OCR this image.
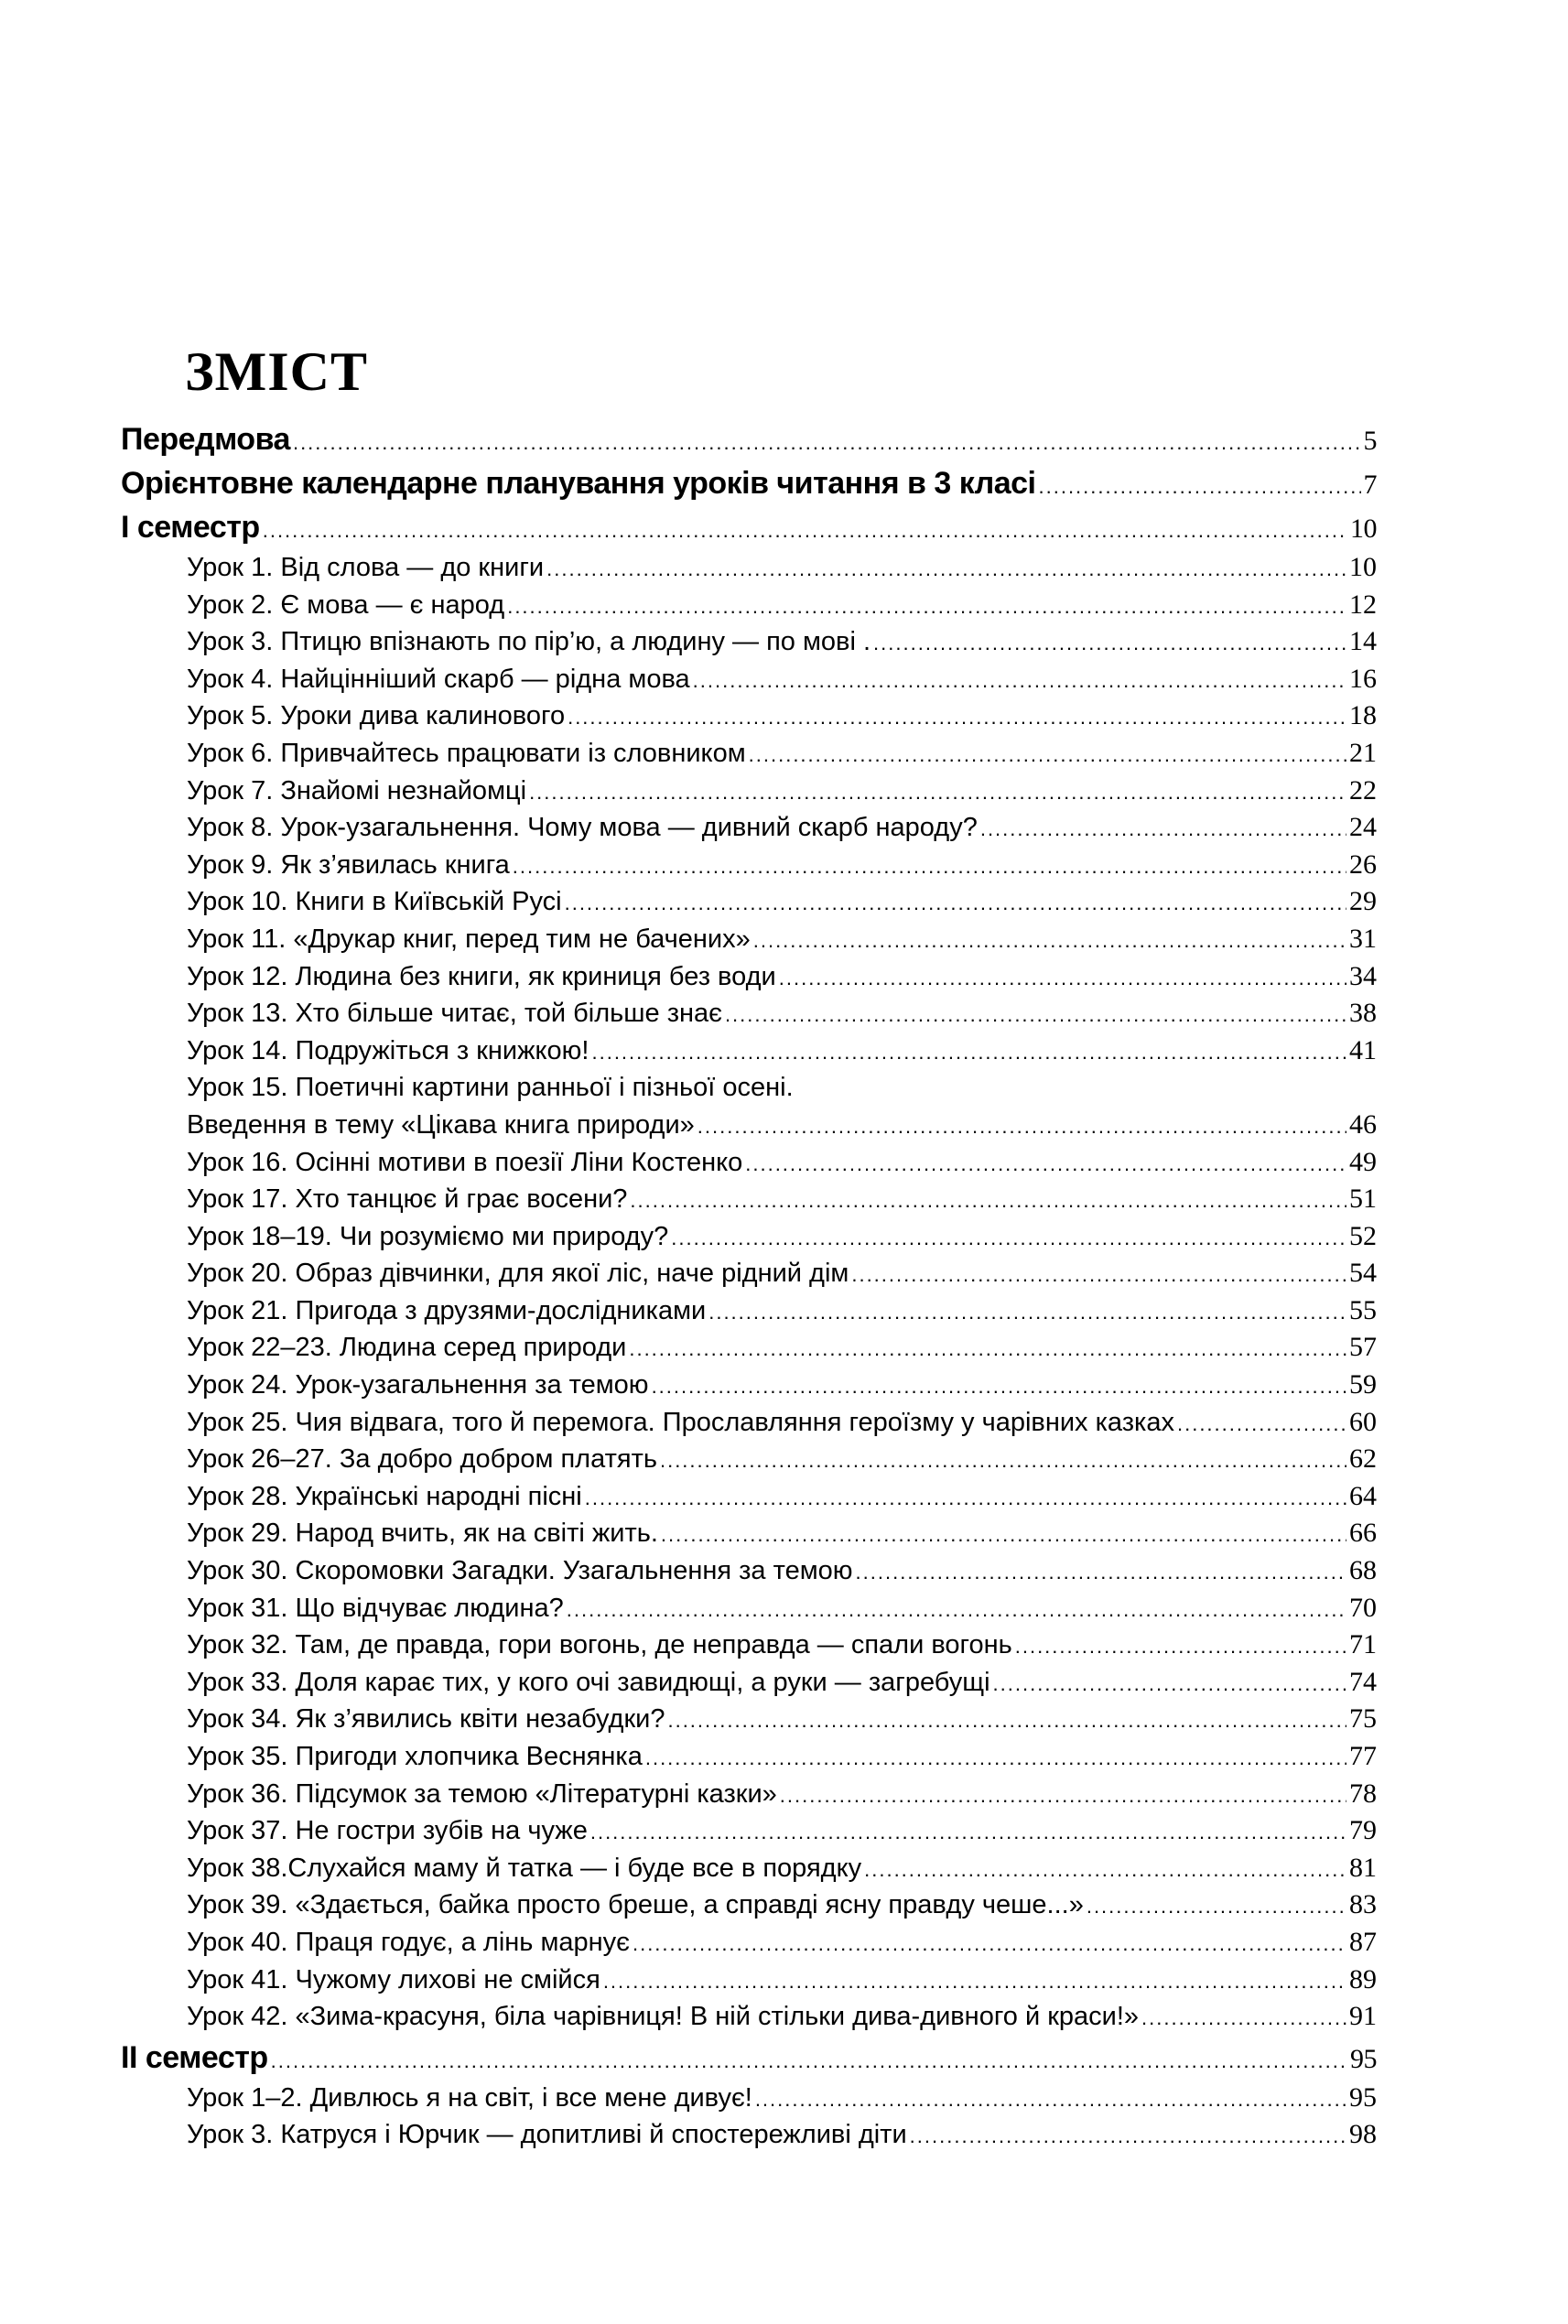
ЗМІСТ
Передмова .....	5
Орієнтовне календарне планування уроків читання в 3 класі .....	7
І семестр .....	10
Урок 1. Від слова — до книги .....	10
Урок 2. Є мова — є народ .....	12
Урок 3. Птицю впізнають по пір’ю, а людину — по мові . .....	14
Урок 4. Найцінніший скарб — рідна мова .....	16
Урок 5. Уроки дива калинового .....	18
Урок 6. Привчайтесь працювати із словником .....	21
Урок 7. Знайомі незнайомці .....	22
Урок 8. Урок-узагальнення. Чому мова — дивний скарб народу? .....	24
Урок 9. Як з’явилась книга .....	26
Урок 10. Книги в Київській Русі .....	29
Урок 11. «Друкар книг, перед тим не бачених» .....	31
Урок 12. Людина без книги, як криниця без води .....	34
Урок 13. Хто більше читає, той більше знає .....	38
Урок 14. Подружіться з книжкою! .....	41
Урок 15. Поетичні картини ранньої і пізньої осені.
Введення в тему «Цікава книга природи» .....	46
Урок 16. Осінні мотиви в поезії Ліни Костенко .....	49
Урок 17. Хто танцює й грає восени? .....	51
Урок 18–19. Чи розуміємо ми природу? .....	52
Урок 20. Образ дівчинки, для якої ліс, наче рідний дім .....	54
Урок 21. Пригода з друзями-дослідниками .....	55
Урок 22–23. Людина серед природи .....	57
Урок 24. Урок-узагальнення за темою .....	59
Урок 25. Чия відвага, того й перемога. Прославляння героїзму у чарівних казках .....	60
Урок 26–27. За добро добром платять .....	62
Урок 28. Українські народні пісні .....	64
Урок 29. Народ вчить, як на світі жить. .....	66
Урок 30. Скоромовки Загадки. Узагальнення за темою .....	68
Урок 31. Що відчуває людина? .....	70
Урок 32. Там, де правда, гори вогонь, де неправда — спали вогонь .....	71
Урок 33. Доля карає тих, у кого очі завидющі, а руки — загребущі .....	74
Урок 34. Як з’явились квіти незабудки? .....	75
Урок 35. Пригоди хлопчика Веснянка .....	77
Урок 36. Підсумок за темою «Літературні казки» .....	78
Урок 37. Не гостри зубів на чуже .....	79
Урок 38.Слухайся маму й татка — і буде все в порядку .....	81
Урок 39. «Здається, байка просто бреше, а справді ясну правду чеше...» .....	83
Урок 40. Праця годує, а лінь марнує .....	87
Урок 41. Чужому лихові не смійся .....	89
Урок 42. «Зима-красуня, біла чарівниця! В ній стільки дива-дивного й краси!» .....	91
ІІ семестр .....	95
Урок 1–2. Дивлюсь я на світ, і все мене дивує! .....	95
Урок 3. Катруся і Юрчик — допитливі й спостережливі діти .....	98
